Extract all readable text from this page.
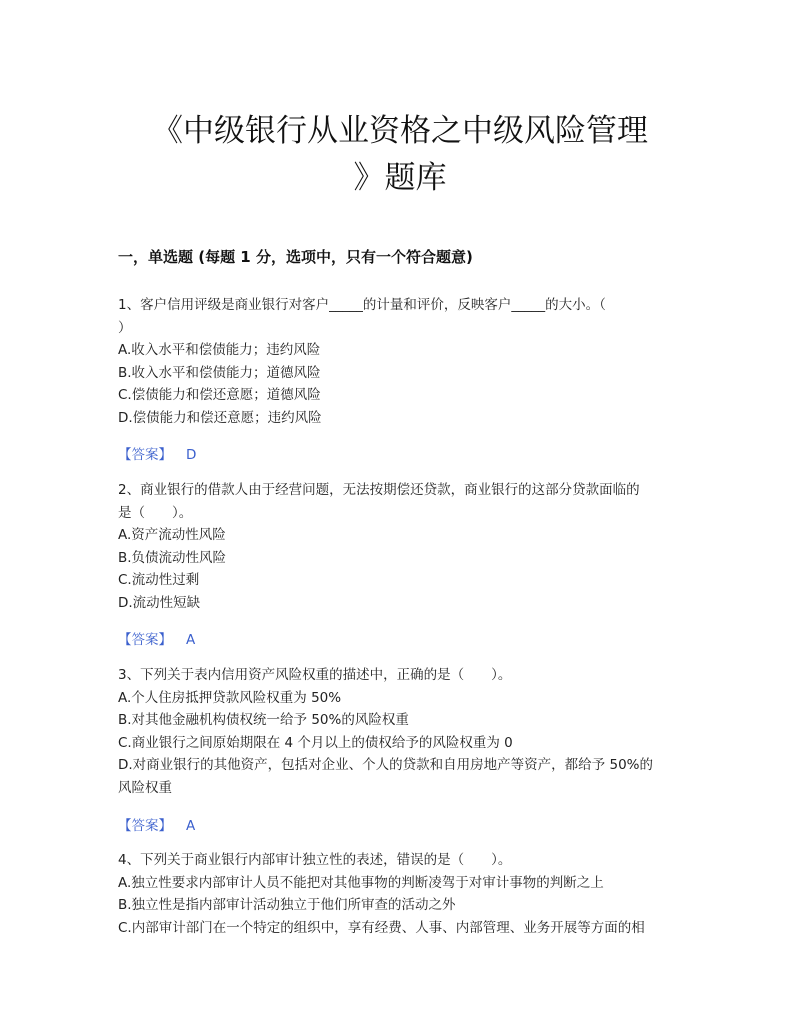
《中级银行从业资格之中级风险管理
》题库
一，单选题 (每题 1 分，选项中，只有一个符合题意)

1、客户信用评级是商业银行对客户_____的计量和评价，反映客户_____的大小。（

）

A.收入水平和偿债能力；违约风险

B.收入水平和偿债能力；道德风险

C.偿债能力和偿还意愿；道德风险

D.偿债能力和偿还意愿；违约风险

【答案】 D

2、商业银行的借款人由于经营问题，无法按期偿还贷款，商业银行的这部分贷款面临的

是（　　）。

A.资产流动性风险

B.负债流动性风险

C.流动性过剩

D.流动性短缺

【答案】 A

3、下列关于表内信用资产风险权重的描述中，正确的是（　　）。

A.个人住房抵押贷款风险权重为 50%

B.对其他金融机构债权统一给予 50%的风险权重

C.商业银行之间原始期限在 4 个月以上的债权给予的风险权重为 0

D.对商业银行的其他资产，包括对企业、个人的贷款和自用房地产等资产，都给予 50%的

风险权重

【答案】 A

4、下列关于商业银行内部审计独立性的表述，错误的是（　　）。

A.独立性要求内部审计人员不能把对其他事物的判断凌驾于对审计事物的判断之上

B.独立性是指内部审计活动独立于他们所审查的活动之外

C.内部审计部门在一个特定的组织中，享有经费、人事、内部管理、业务开展等方面的相
